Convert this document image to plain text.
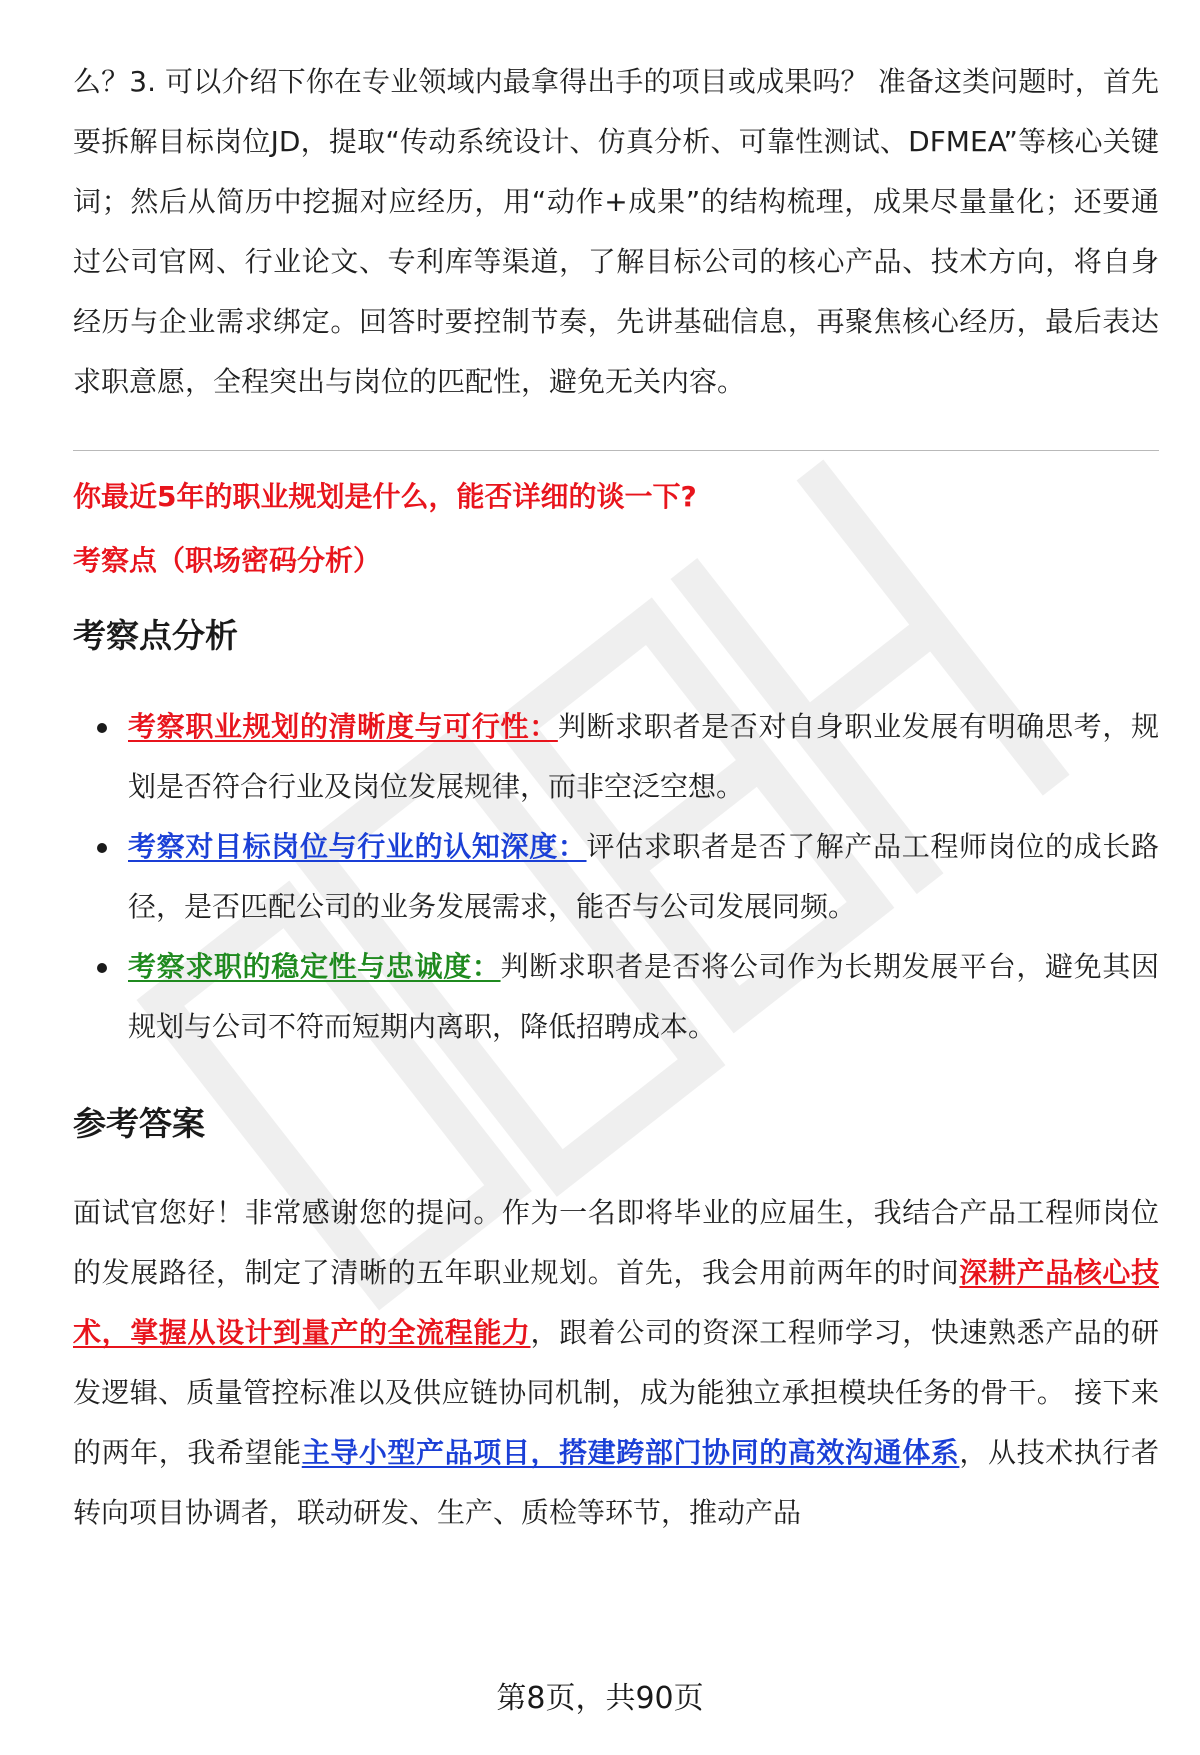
么？3. 可以介绍下你在专业领域内最拿得出手的项目或成果吗？ 准备这类问题时，首先要拆解目标岗位JD，提取“传动系统设计、仿真分析、可靠性测试、DFMEA”等核心关键词；然后从简历中挖掘对应经历，用“动作+成果”的结构梳理，成果尽量量化；还要通过公司官网、行业论文、专利库等渠道，了解目标公司的核心产品、技术方向，将自身经历与企业需求绑定。回答时要控制节奏，先讲基础信息，再聚焦核心经历，最后表达求职意愿，全程突出与岗位的匹配性，避免无关内容。

你最近5年的职业规划是什么，能否详细的谈一下?

考察点（职场密码分析）

考察点分析
考察职业规划的清晰度与可行性：判断求职者是否对自身职业发展有明确思考，规划是否符合行业及岗位发展规律，而非空泛空想。
考察对目标岗位与行业的认知深度：评估求职者是否了解产品工程师岗位的成长路径，是否匹配公司的业务发展需求，能否与公司发展同频。
考察求职的稳定性与忠诚度：判断求职者是否将公司作为长期发展平台，避免其因规划与公司不符而短期内离职，降低招聘成本。
参考答案

面试官您好！非常感谢您的提问。作为一名即将毕业的应届生，我结合产品工程师岗位的发展路径，制定了清晰的五年职业规划。首先，我会用前两年的时间深耕产品核心技术，掌握从设计到量产的全流程能力，跟着公司的资深工程师学习，快速熟悉产品的研发逻辑、质量管控标准以及供应链协同机制，成为能独立承担模块任务的骨干。 接下来的两年，我希望能主导小型产品项目，搭建跨部门协同的高效沟通体系，从技术执行者转向项目协调者，联动研发、生产、质检等环节，推动产品

第8页，共90页
